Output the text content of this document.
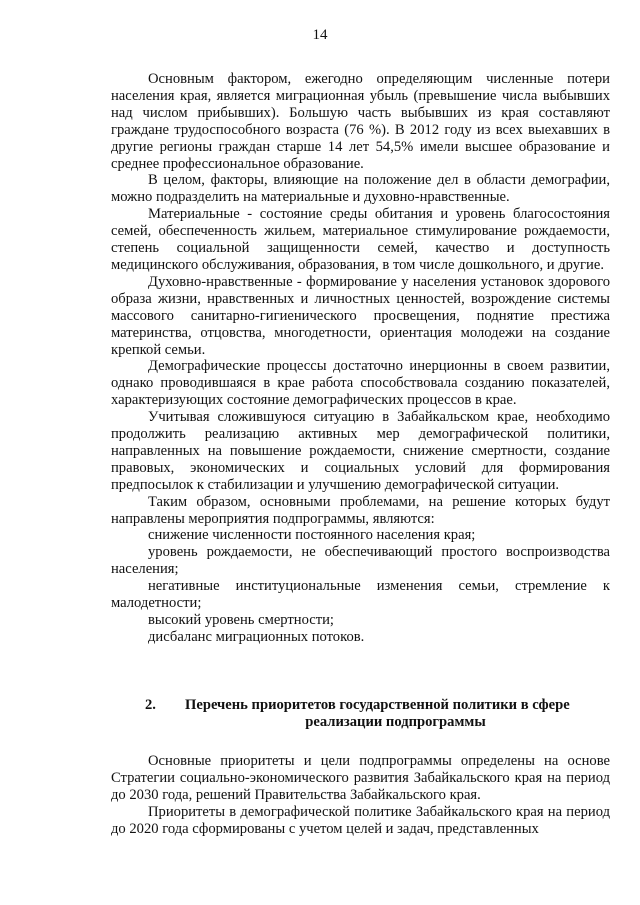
14

Основным фактором, ежегодно определяющим численные потери населения края, является миграционная убыль (превышение числа выбывших над числом прибывших). Большую часть выбывших из края составляют граждане трудоспособного возраста (76 %). В 2012 году из всех выехавших в другие регионы граждан старше 14 лет 54,5% имели высшее образование и среднее профессиональное образование.

В целом, факторы, влияющие на положение дел в области демографии, можно подразделить на материальные и духовно-нравственные.

Материальные - состояние среды обитания и уровень благосостояния семей, обеспеченность жильем, материальное стимулирование рождаемости, степень социальной защищенности семей, качество и доступность медицинского обслуживания, образования, в том числе дошкольного, и другие.

Духовно-нравственные - формирование у населения установок здорового образа жизни, нравственных и личностных ценностей, возрождение системы массового санитарно-гигиенического просвещения, поднятие престижа материнства, отцовства, многодетности, ориентация молодежи на создание крепкой семьи.

Демографические процессы достаточно инерционны в своем развитии, однако проводившаяся в крае работа способствовала созданию показателей, характеризующих состояние демографических процессов в крае.

Учитывая сложившуюся ситуацию в Забайкальском крае, необходимо продолжить реализацию активных мер демографической политики, направленных на повышение рождаемости, снижение смертности, создание правовых, экономических и социальных условий для формирования предпосылок к стабилизации и улучшению демографической ситуации.

Таким образом, основными проблемами, на решение которых будут направлены мероприятия подпрограммы, являются:

снижение численности постоянного населения края;

уровень рождаемости, не обеспечивающий простого воспроизводства населения;

негативные институциональные изменения семьи, стремление к малодетности;

высокий уровень смертности;

дисбаланс миграционных потоков.

2. Перечень приоритетов государственной политики в сфере
реализации подпрограммы

Основные приоритеты и цели подпрограммы определены на основе Стратегии социально-экономического развития Забайкальского края на период до 2030 года, решений Правительства Забайкальского края.

Приоритеты в демографической политике Забайкальского края на период до 2020 года сформированы с учетом целей и задач, представленных
